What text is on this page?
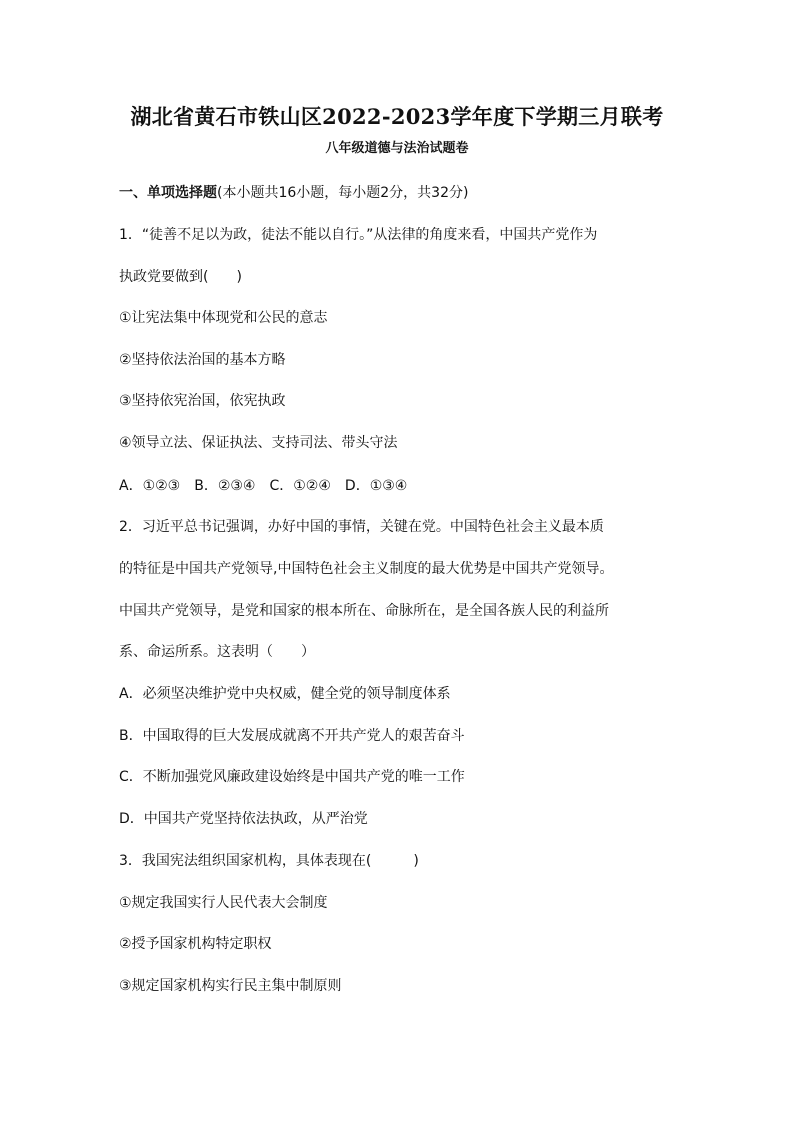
湖北省黄石市铁山区2022-2023学年度下学期三月联考
八年级道德与法治试题卷
一、单项选择题(本小题共16小题，每小题2分，共32分)
1．“徒善不足以为政，徒法不能以自行。”从法律的角度来看，中国共产党作为
执政党要做到(　　)
①让宪法集中体现党和公民的意志
②坚持依法治国的基本方略
③坚持依宪治国，依宪执政
④领导立法、保证执法、支持司法、带头守法
A．①②③　B．②③④　C．①②④　D．①③④
2．习近平总书记强调，办好中国的事情，关键在党。中国特色社会主义最本质
的特征是中国共产党领导,中国特色社会主义制度的最大优势是中国共产党领导。
中国共产党领导，是党和国家的根本所在、命脉所在，是全国各族人民的利益所
系、命运所系。这表明（　　）
A．必须坚决维护党中央权威，健全党的领导制度体系
B．中国取得的巨大发展成就离不开共产党人的艰苦奋斗
C．不断加强党风廉政建设始终是中国共产党的唯一工作
D．中国共产党坚持依法执政，从严治党
3．我国宪法组织国家机构，具体表现在(　　　)
①规定我国实行人民代表大会制度
②授予国家机构特定职权
③规定国家机构实行民主集中制原则
